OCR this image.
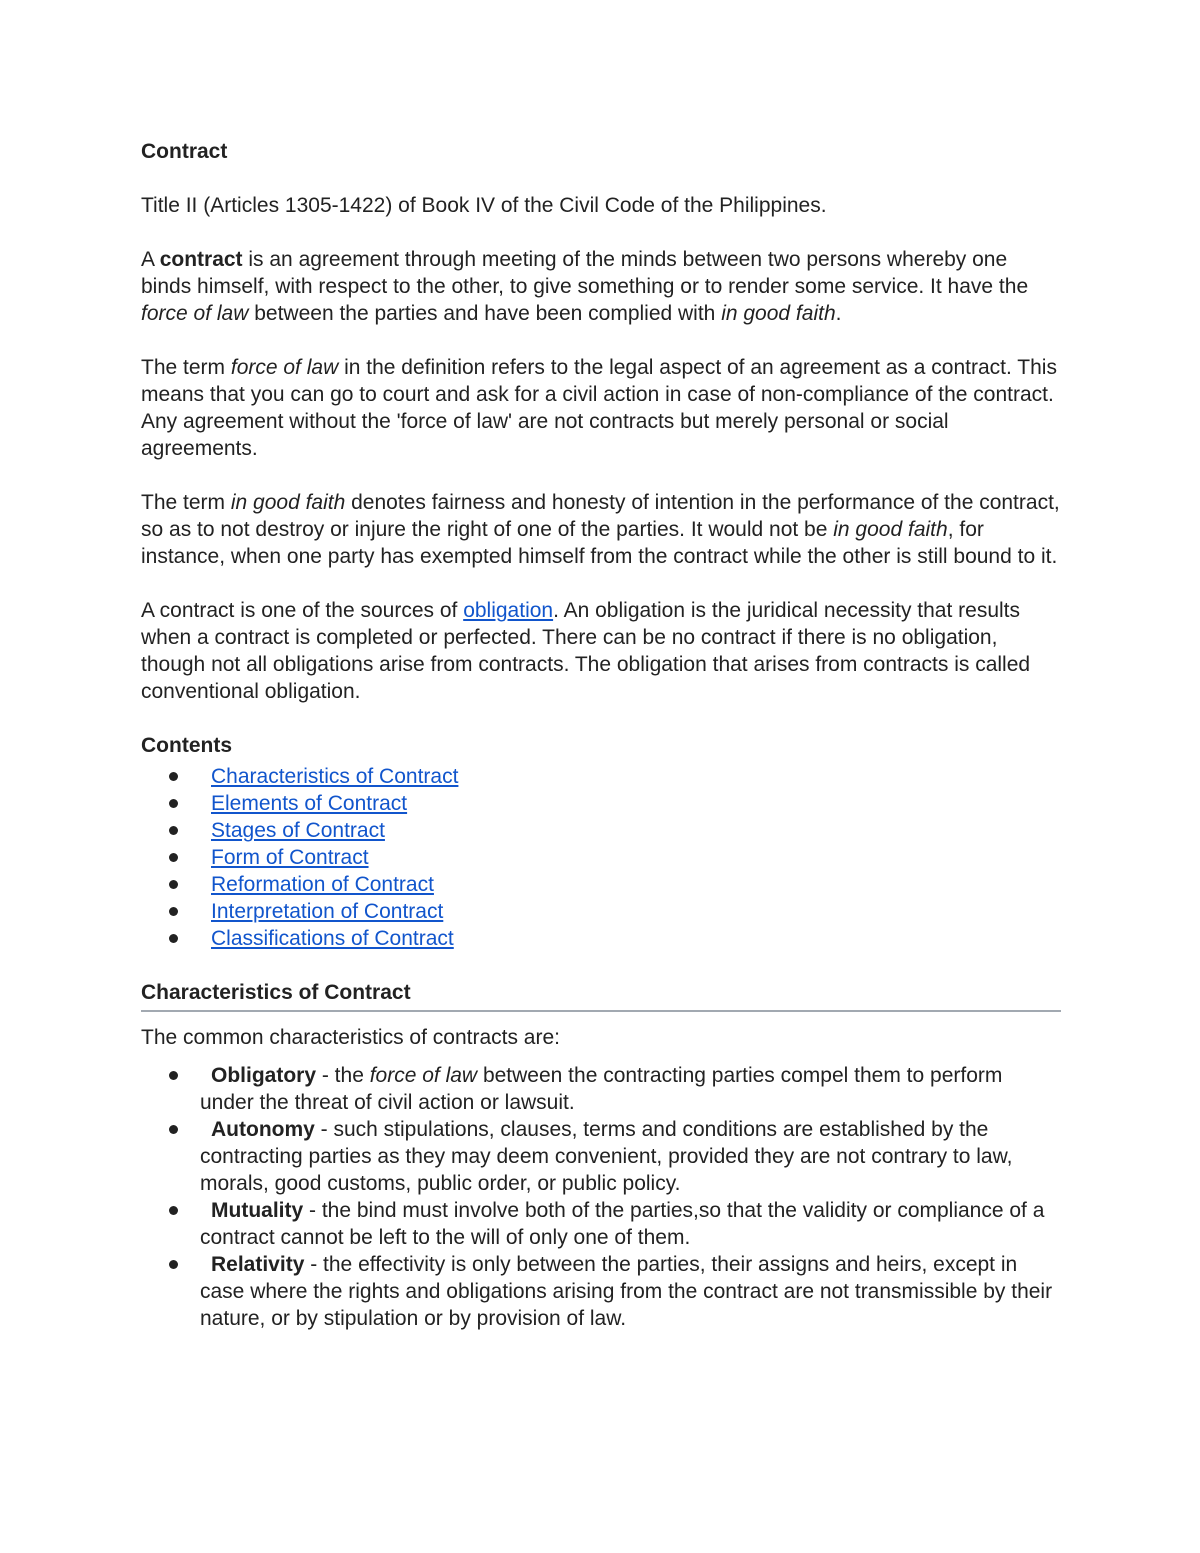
Contract

Title II (Articles 1305-1422) of Book IV of the Civil Code of the Philippines.

A contract is an agreement through meeting of the minds between two persons whereby one binds himself, with respect to the other, to give something or to render some service. It have the force of law between the parties and have been complied with in good faith.

The term force of law in the definition refers to the legal aspect of an agreement as a contract. This means that you can go to court and ask for a civil action in case of non-compliance of the contract. Any agreement without the 'force of law' are not contracts but merely personal or social agreements.

The term in good faith denotes fairness and honesty of intention in the performance of the contract, so as to not destroy or injure the right of one of the parties. It would not be in good faith, for instance, when one party has exempted himself from the contract while the other is still bound to it.

A contract is one of the sources of obligation. An obligation is the juridical necessity that results when a contract is completed or perfected. There can be no contract if there is no obligation, though not all obligations arise from contracts. The obligation that arises from contracts is called conventional obligation.

Contents
Characteristics of Contract
Elements of Contract
Stages of Contract
Form of Contract
Reformation of Contract
Interpretation of Contract
Classifications of Contract
Characteristics of Contract
The common characteristics of contracts are:
Obligatory - the force of law between the contracting parties compel them to perform under the threat of civil action or lawsuit.
Autonomy - such stipulations, clauses, terms and conditions are established by the contracting parties as they may deem convenient, provided they are not contrary to law, morals, good customs, public order, or public policy.
Mutuality - the bind must involve both of the parties,so that the validity or compliance of a contract cannot be left to the will of only one of them.
Relativity - the effectivity is only between the parties, their assigns and heirs, except in case where the rights and obligations arising from the contract are not transmissible by their nature, or by stipulation or by provision of law.
